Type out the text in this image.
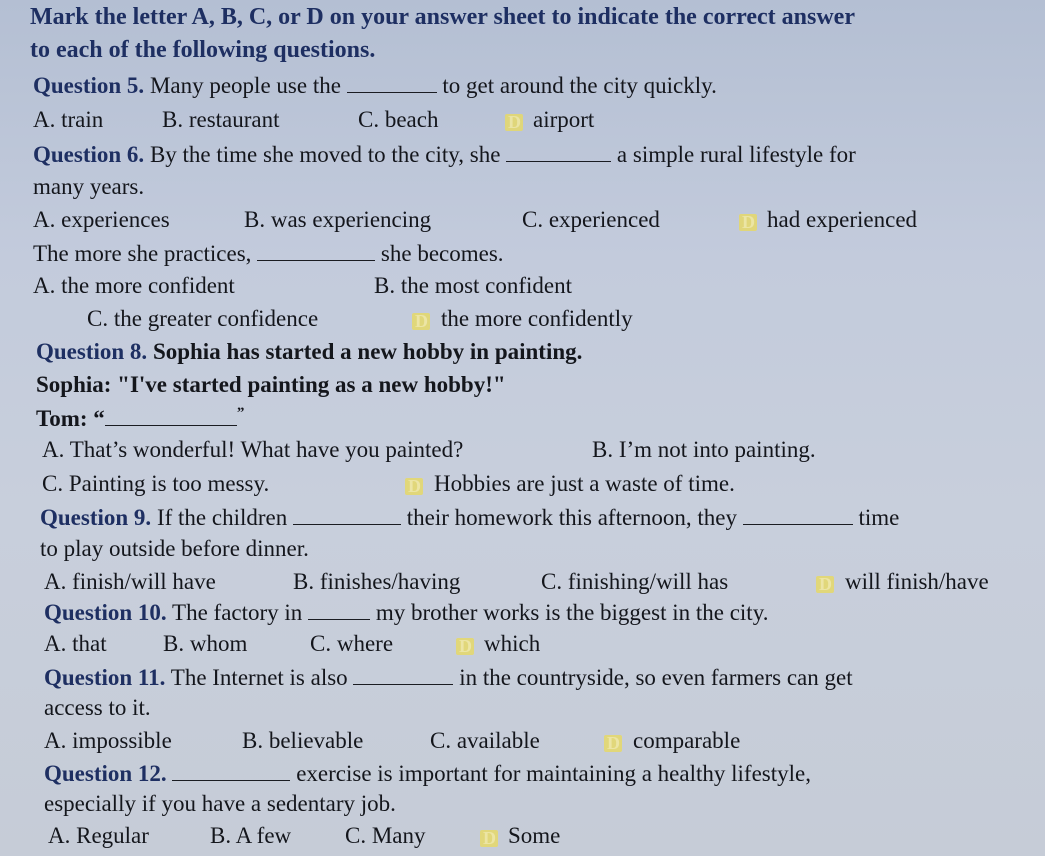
Mark the letter A, B, C, or D on your answer sheet to indicate the correct answer
to each of the following questions.
Question 5. Many people use the	to get around the city quickly.
A. train	B. restaurant	C. beach D	airport
Question 6. By the time she moved to the city, she	a simple rural lifestyle for
many years.
A. experiences	B. was experiencing	C. experienced D	had experienced
The more she practices,	she becomes.
A. the more confident	B. the most confident
C. the greater confidence D	the more confidently
Question 8. Sophia has started a new hobby in painting.
Sophia: "I've started painting as a new hobby!"
Tom: “	”
A. That’s wonderful! What have you painted?	B. I’m not into painting.
C. Painting is too messy. D	Hobbies are just a waste of time.
Question 9. If the children	their homework this afternoon, they	time
to play outside before dinner.
A. finish/will have	B. finishes/having	C. finishing/will has D	will finish/have
Question 10. The factory in	my brother works is the biggest in the city.
A. that B. whom	C. where D	which
Question 11. The Internet is also	in the countryside, so even farmers can get
access to it.
A. impossible	B. believable	C. available D	comparable
Question 12.	exercise is important for maintaining a healthy lifestyle,
especially if you have a sedentary job.
A. Regular	B. A few C. Many D	Some
